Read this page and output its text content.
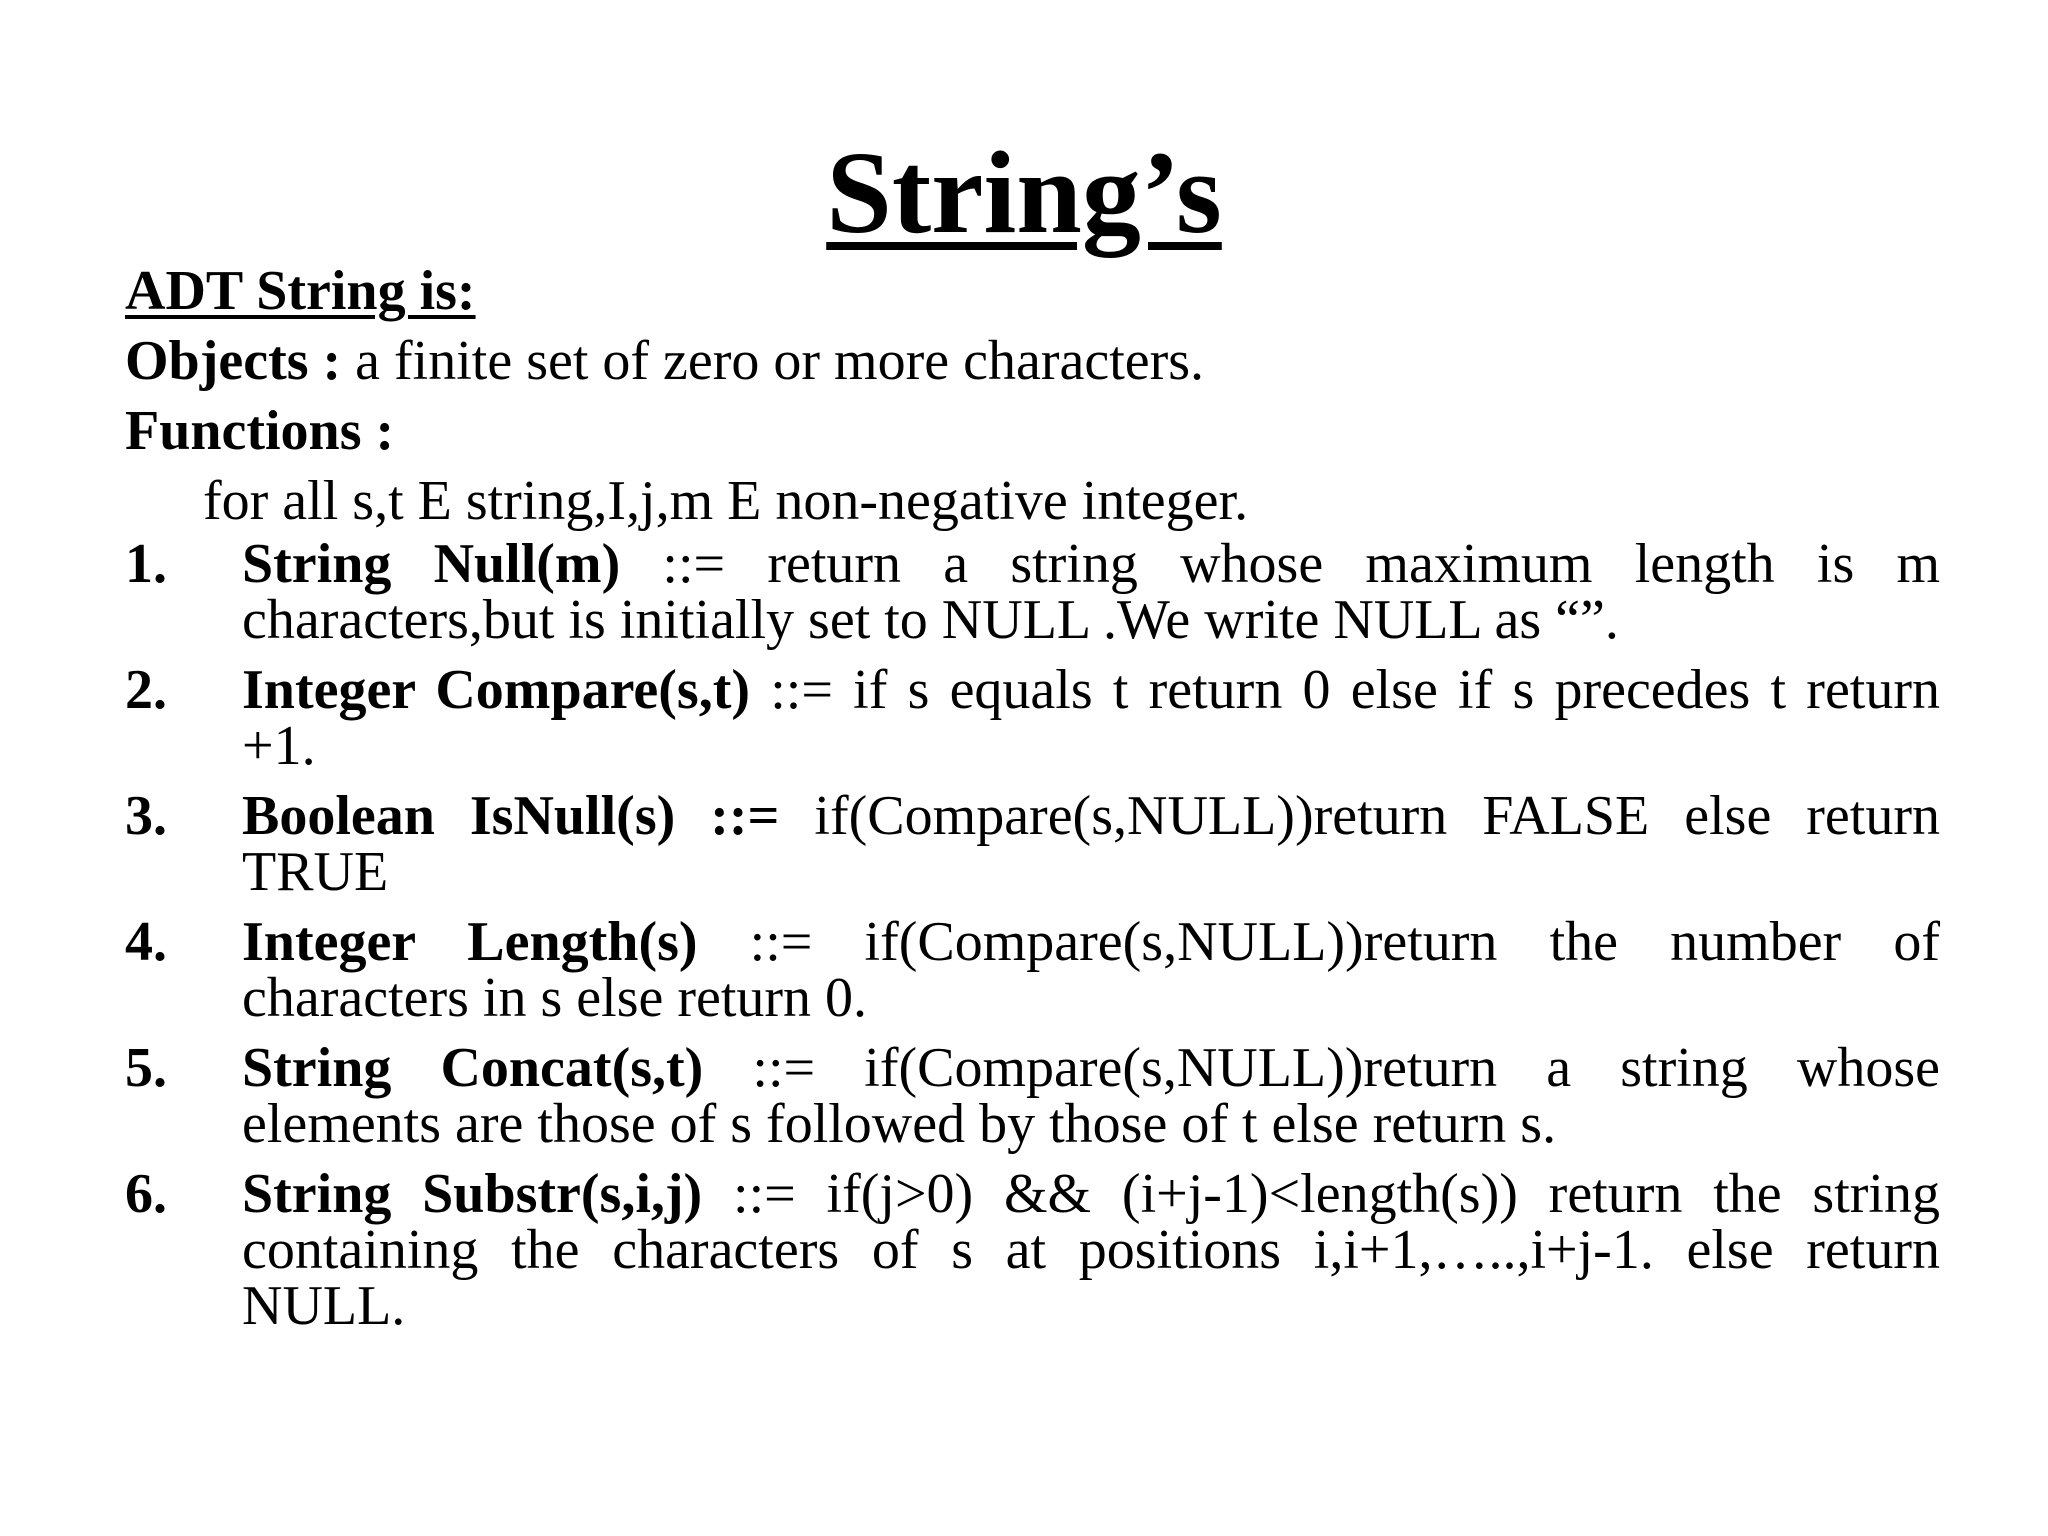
String’s

ADT String is:

Objects : a finite set of zero or more characters.

Functions :

for all s,t E string,I,j,m E non-negative integer.

1. String Null(m) ::= return a string whose maximum length is m characters,but is initially set to NULL .We write NULL as “”.
2. Integer Compare(s,t) ::= if s equals t return 0 else if s precedes t return +1.
3. Boolean IsNull(s) ::= if(Compare(s,NULL))return FALSE else return TRUE
4. Integer Length(s) ::= if(Compare(s,NULL))return the number of characters in s else return 0.
5. String Concat(s,t) ::= if(Compare(s,NULL))return a string whose elements are those of s followed by those of t else return s.
6. String Substr(s,i,j) ::= if(j>0) && (i+j-1)<length(s)) return the string containing the characters of s at positions i,i+1,…..,i+j-1. else return NULL.
